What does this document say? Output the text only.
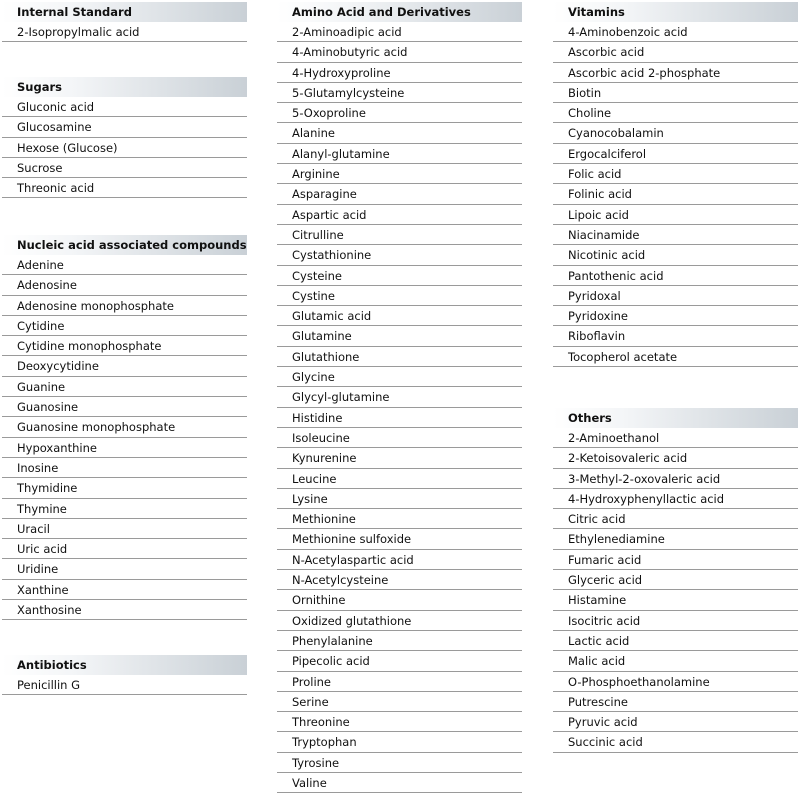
Internal Standard
2-Isopropylmalic acid
Sugars
Gluconic acid
Glucosamine
Hexose (Glucose)
Sucrose
Threonic acid
Nucleic acid associated compounds
Adenine
Adenosine
Adenosine monophosphate
Cytidine
Cytidine monophosphate
Deoxycytidine
Guanine
Guanosine
Guanosine monophosphate
Hypoxanthine
Inosine
Thymidine
Thymine
Uracil
Uric acid
Uridine
Xanthine
Xanthosine
Antibiotics
Penicillin G
Amino Acid and Derivatives
2-Aminoadipic acid
4-Aminobutyric acid
4-Hydroxyproline
5-Glutamylcysteine
5-Oxoproline
Alanine
Alanyl-glutamine
Arginine
Asparagine
Aspartic acid
Citrulline
Cystathionine
Cysteine
Cystine
Glutamic acid
Glutamine
Glutathione
Glycine
Glycyl-glutamine
Histidine
Isoleucine
Kynurenine
Leucine
Lysine
Methionine
Methionine sulfoxide
N-Acetylaspartic acid
N-Acetylcysteine
Ornithine
Oxidized glutathione
Phenylalanine
Pipecolic acid
Proline
Serine
Threonine
Tryptophan
Tyrosine
Valine
Vitamins
4-Aminobenzoic acid
Ascorbic acid
Ascorbic acid 2-phosphate
Biotin
Choline
Cyanocobalamin
Ergocalciferol
Folic acid
Folinic acid
Lipoic acid
Niacinamide
Nicotinic acid
Pantothenic acid
Pyridoxal
Pyridoxine
Riboflavin
Tocopherol acetate
Others
2-Aminoethanol
2-Ketoisovaleric acid
3-Methyl-2-oxovaleric acid
4-Hydroxyphenyllactic acid
Citric acid
Ethylenediamine
Fumaric acid
Glyceric acid
Histamine
Isocitric acid
Lactic acid
Malic acid
O-Phosphoethanolamine
Putrescine
Pyruvic acid
Succinic acid
